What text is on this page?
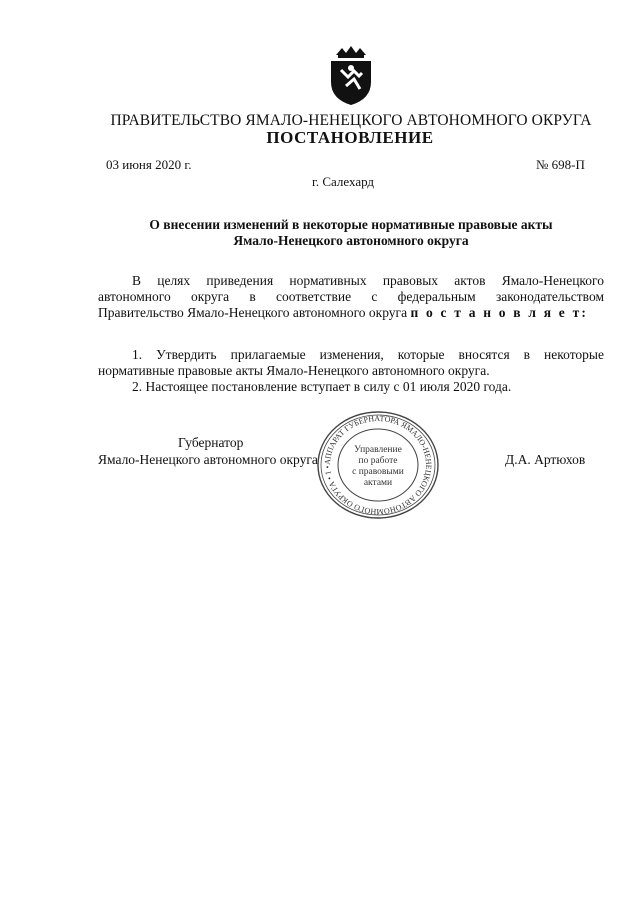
ПРАВИТЕЛЬСТВО ЯМАЛО-НЕНЕЦКОГО АВТОНОМНОГО ОКРУГА
ПОСТАНОВЛЕНИЕ
03 июня 2020 г.	№ 698-П
г. Салехард
О внесении изменений в некоторые нормативные правовые акты
Ямало-Ненецкого автономного округа
В целях приведения нормативных правовых актов Ямало-Ненецкого
автономного округа в соответствие с федеральным законодательством
Правительство Ямало-Ненецкого автономного округа п о с т а н о в л я е т:
1. Утвердить прилагаемые изменения, которые вносятся в некоторые
нормативные правовые акты Ямало-Ненецкого автономного округа.
2. Настоящее постановление вступает в силу с 01 июля 2020 года.
Губернатор
Ямало-Ненецкого автономного округа	Д.А. Артюхов
АППАРАТ ГУБЕРНАТОРА ЯМАЛО-НЕНЕЦКОГО АВТОНОМНОГО ОКРУГА • 1 •
Управление
по работе
с правовыми
актами
